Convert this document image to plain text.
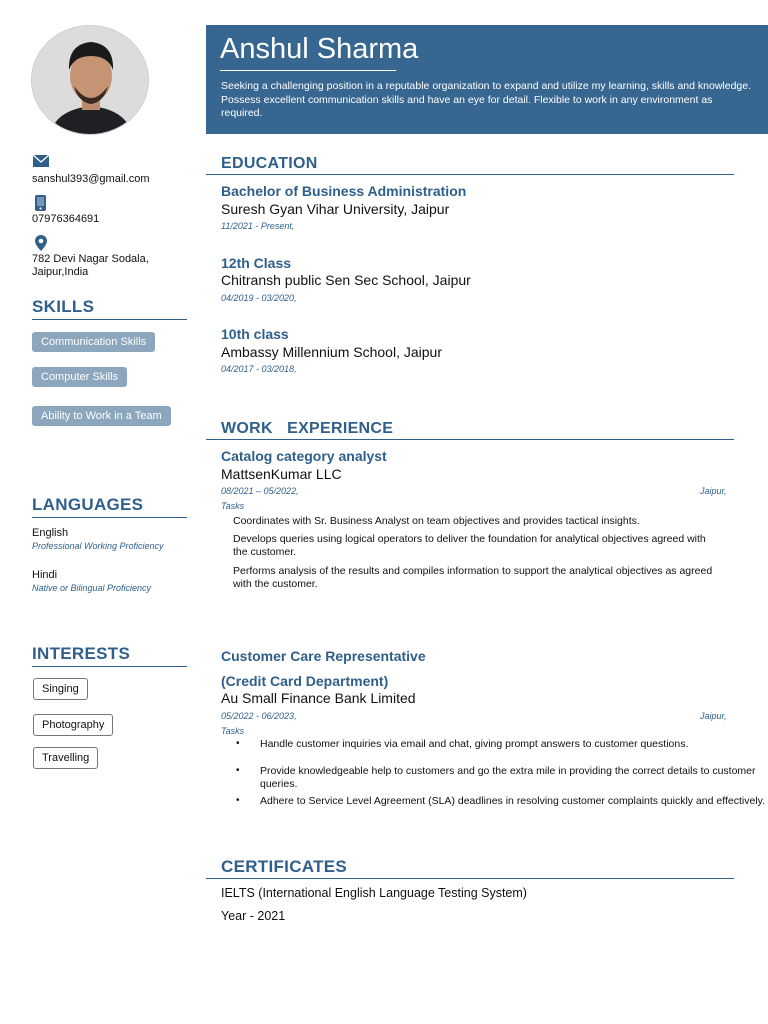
sanshul393@gmail.com
07976364691
782 Devi Nagar Sodala,
Jaipur,India
SKILLS
Communication Skills
Computer Skills
Ability to Work in a Team
LANGUAGES
English
Professional Working Proficiency
Hindi
Native or Bilingual Proficiency
INTERESTS
Singing
Photography
Travelling
Anshul Sharma
Seeking a challenging position in a reputable organization to expand and utilize my learning, skills and knowledge. Possess excellent communication skills and have an eye for detail. Flexible to work in any environment as required.
EDUCATION
Bachelor of Business Administration
Suresh Gyan Vihar University, Jaipur
11/2021 - Present,
12th Class
Chitransh public Sen Sec School, Jaipur
04/2019 - 03/2020,
10th class
Ambassy Millennium School, Jaipur
04/2017 - 03/2018,
WORK   EXPERIENCE
Catalog category analyst
MattsenKumar LLC
08/2021 – 05/2022,	Jaipur,
Tasks
Coordinates with Sr. Business Analyst on team objectives and provides tactical insights.
Develops queries using logical operators to deliver the foundation for analytical objectives agreed with the customer.
Performs analysis of the results and compiles information to support the analytical objectives as agreed with the customer.
Customer Care Representative
(Credit Card Department)
Au Small Finance Bank Limited
05/2022 - 06/2023,	Jaipur,
Tasks
• Handle customer inquiries via email and chat, giving prompt answers to customer questions.
• Provide knowledgeable help to customers and go the extra mile in providing the correct details to customer queries.
• Adhere to Service Level Agreement (SLA) deadlines in resolving customer complaints quickly and effectively.
CERTIFICATES
IELTS (International English Language Testing System)
Year - 2021
